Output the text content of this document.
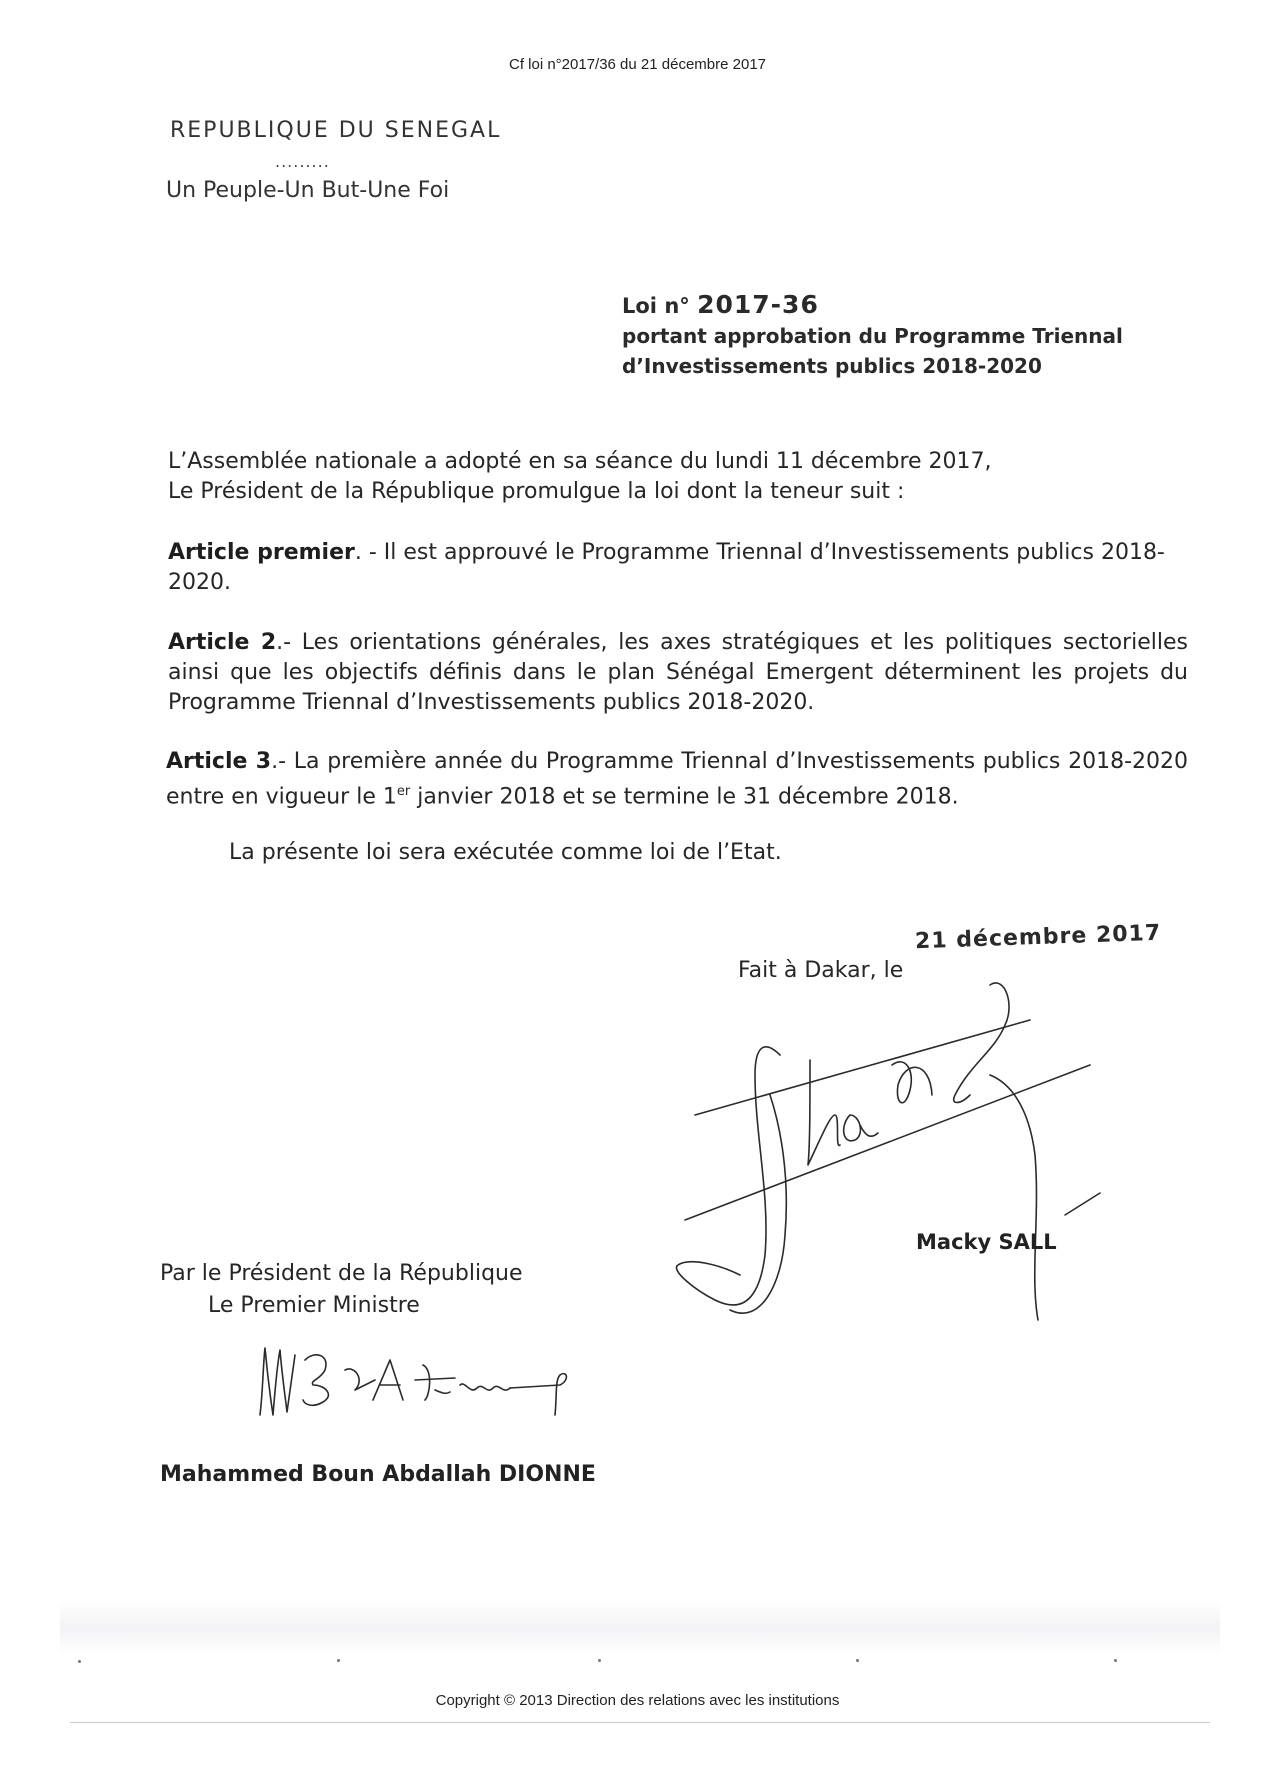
Cf loi n°2017/36 du 21 décembre 2017
REPUBLIQUE DU SENEGAL
.........
Un Peuple-Un But-Une Foi
Loi n° 2017-36
portant approbation du Programme Triennal
d’Investissements publics 2018-2020
L’Assemblée nationale a adopté en sa séance du lundi 11 décembre 2017,
Le Président de la République promulgue la loi dont la teneur suit :
Article premier. - Il est approuvé le Programme Triennal d’Investissements publics 2018-2020.
Article 2.- Les orientations générales, les axes stratégiques et les politiques sectorielles ainsi que les objectifs définis dans le plan Sénégal Emergent déterminent les projets du Programme Triennal d’Investissements publics 2018-2020.
Article 3.- La première année du Programme Triennal d’Investissements publics 2018-2020 entre en vigueur le 1er janvier 2018 et se termine le 31 décembre 2018.
La présente loi sera exécutée comme loi de l’Etat.
21 décembre 2017
Fait à Dakar, le
Macky SALL
Par le Président de la République
Le Premier Ministre
Mahammed Boun Abdallah DIONNE
Copyright © 2013 Direction des relations avec les institutions
